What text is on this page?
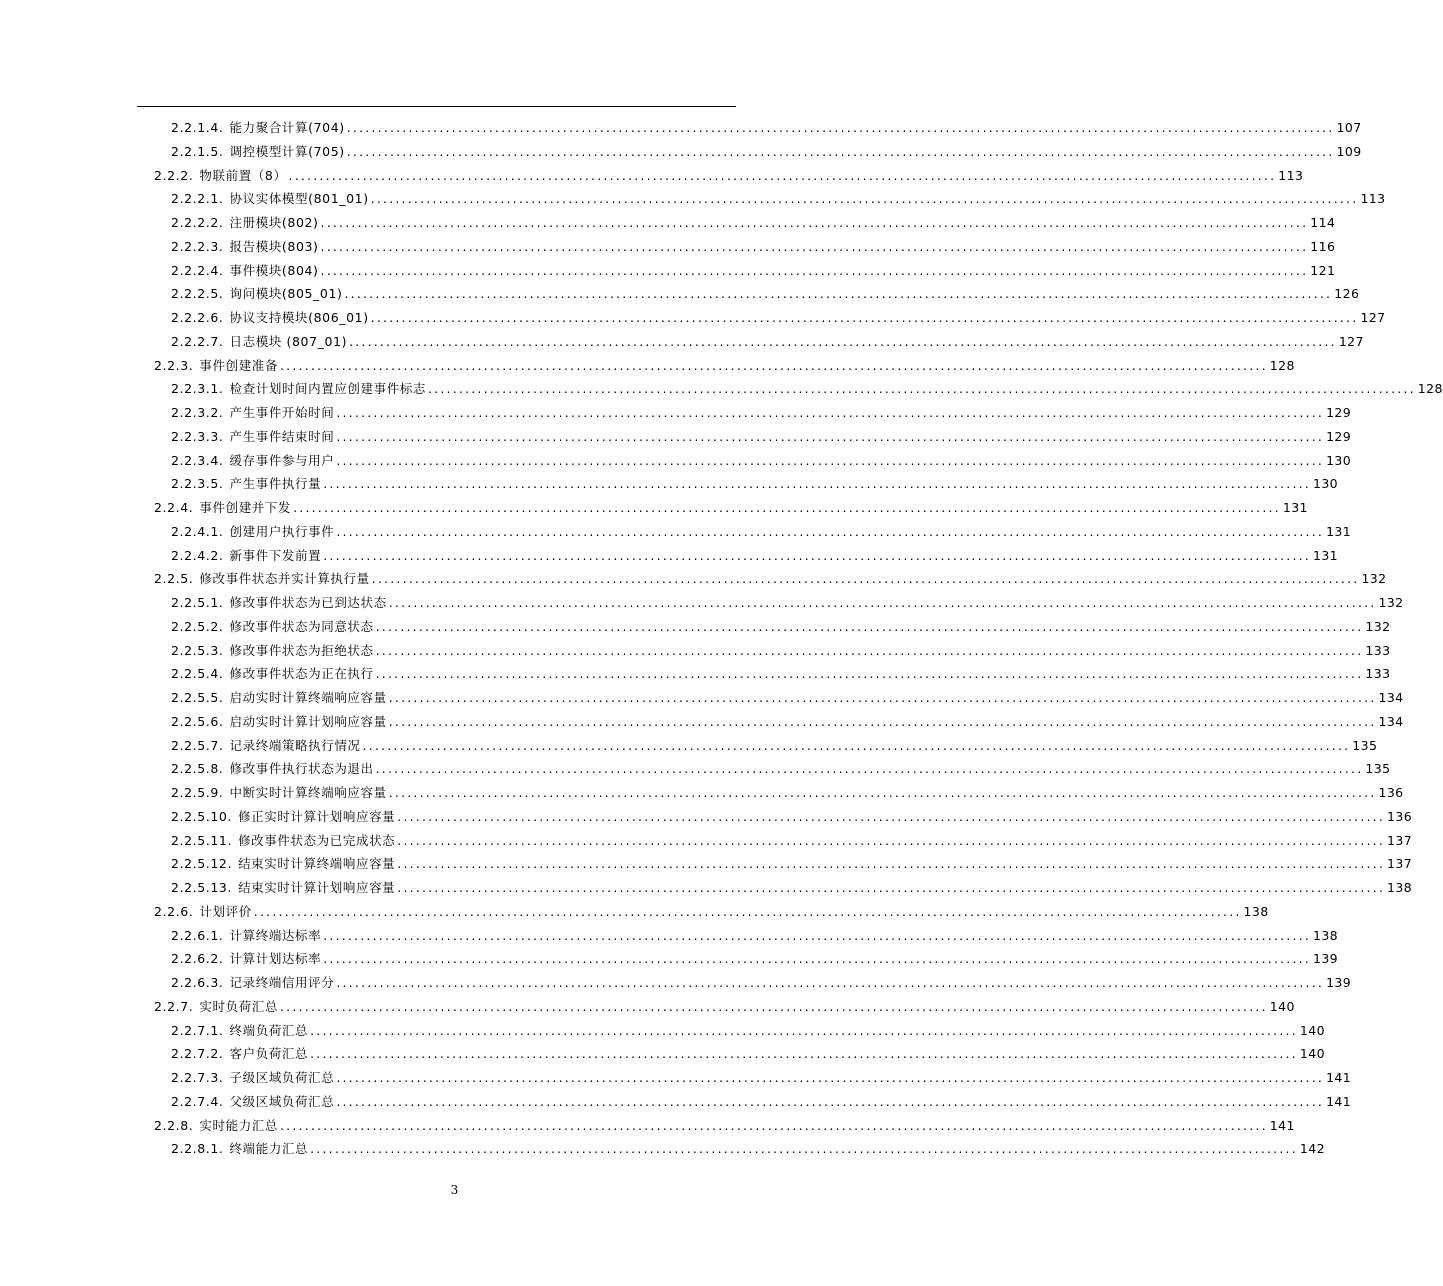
2.2.1.4. 能力聚合计算(704) ................................................................................................................................................................ 107
2.2.1.5. 调控模型计算(705) ................................................................................................................................................................ 109
2.2.2. 物联前置（8） ................................................................................................................................................................ 113
2.2.2.1. 协议实体模型(801_01) ................................................................................................................................................................ 113
2.2.2.2. 注册模块(802) ................................................................................................................................................................ 114
2.2.2.3. 报告模块(803) ................................................................................................................................................................ 116
2.2.2.4. 事件模块(804) ................................................................................................................................................................ 121
2.2.2.5. 询问模块(805_01) ................................................................................................................................................................ 126
2.2.2.6. 协议支持模块(806_01) ................................................................................................................................................................ 127
2.2.2.7. 日志模块 (807_01) ................................................................................................................................................................ 127
2.2.3. 事件创建准备 ................................................................................................................................................................ 128
2.2.3.1. 检查计划时间内置应创建事件标志 ................................................................................................................................................................ 128
2.2.3.2. 产生事件开始时间 ................................................................................................................................................................ 129
2.2.3.3. 产生事件结束时间 ................................................................................................................................................................ 129
2.2.3.4. 缓存事件参与用户 ................................................................................................................................................................ 130
2.2.3.5. 产生事件执行量 ................................................................................................................................................................ 130
2.2.4. 事件创建并下发 ................................................................................................................................................................ 131
2.2.4.1. 创建用户执行事件 ................................................................................................................................................................ 131
2.2.4.2. 新事件下发前置 ................................................................................................................................................................ 131
2.2.5. 修改事件状态并实计算执行量 ................................................................................................................................................................ 132
2.2.5.1. 修改事件状态为已到达状态 ................................................................................................................................................................ 132
2.2.5.2. 修改事件状态为同意状态 ................................................................................................................................................................ 132
2.2.5.3. 修改事件状态为拒绝状态 ................................................................................................................................................................ 133
2.2.5.4. 修改事件状态为正在执行 ................................................................................................................................................................ 133
2.2.5.5. 启动实时计算终端响应容量 ................................................................................................................................................................ 134
2.2.5.6. 启动实时计算计划响应容量 ................................................................................................................................................................ 134
2.2.5.7. 记录终端策略执行情况 ................................................................................................................................................................ 135
2.2.5.8. 修改事件执行状态为退出 ................................................................................................................................................................ 135
2.2.5.9. 中断实时计算终端响应容量 ................................................................................................................................................................ 136
2.2.5.10. 修正实时计算计划响应容量 ................................................................................................................................................................ 136
2.2.5.11. 修改事件状态为已完成状态 ................................................................................................................................................................ 137
2.2.5.12. 结束实时计算终端响应容量 ................................................................................................................................................................ 137
2.2.5.13. 结束实时计算计划响应容量 ................................................................................................................................................................ 138
2.2.6. 计划评价 ................................................................................................................................................................ 138
2.2.6.1. 计算终端达标率 ................................................................................................................................................................ 138
2.2.6.2. 计算计划达标率 ................................................................................................................................................................ 139
2.2.6.3. 记录终端信用评分 ................................................................................................................................................................ 139
2.2.7. 实时负荷汇总 ................................................................................................................................................................ 140
2.2.7.1. 终端负荷汇总 ................................................................................................................................................................ 140
2.2.7.2. 客户负荷汇总 ................................................................................................................................................................ 140
2.2.7.3. 子级区域负荷汇总 ................................................................................................................................................................ 141
2.2.7.4. 父级区域负荷汇总 ................................................................................................................................................................ 141
2.2.8. 实时能力汇总 ................................................................................................................................................................ 141
2.2.8.1. 终端能力汇总 ................................................................................................................................................................ 142
3
